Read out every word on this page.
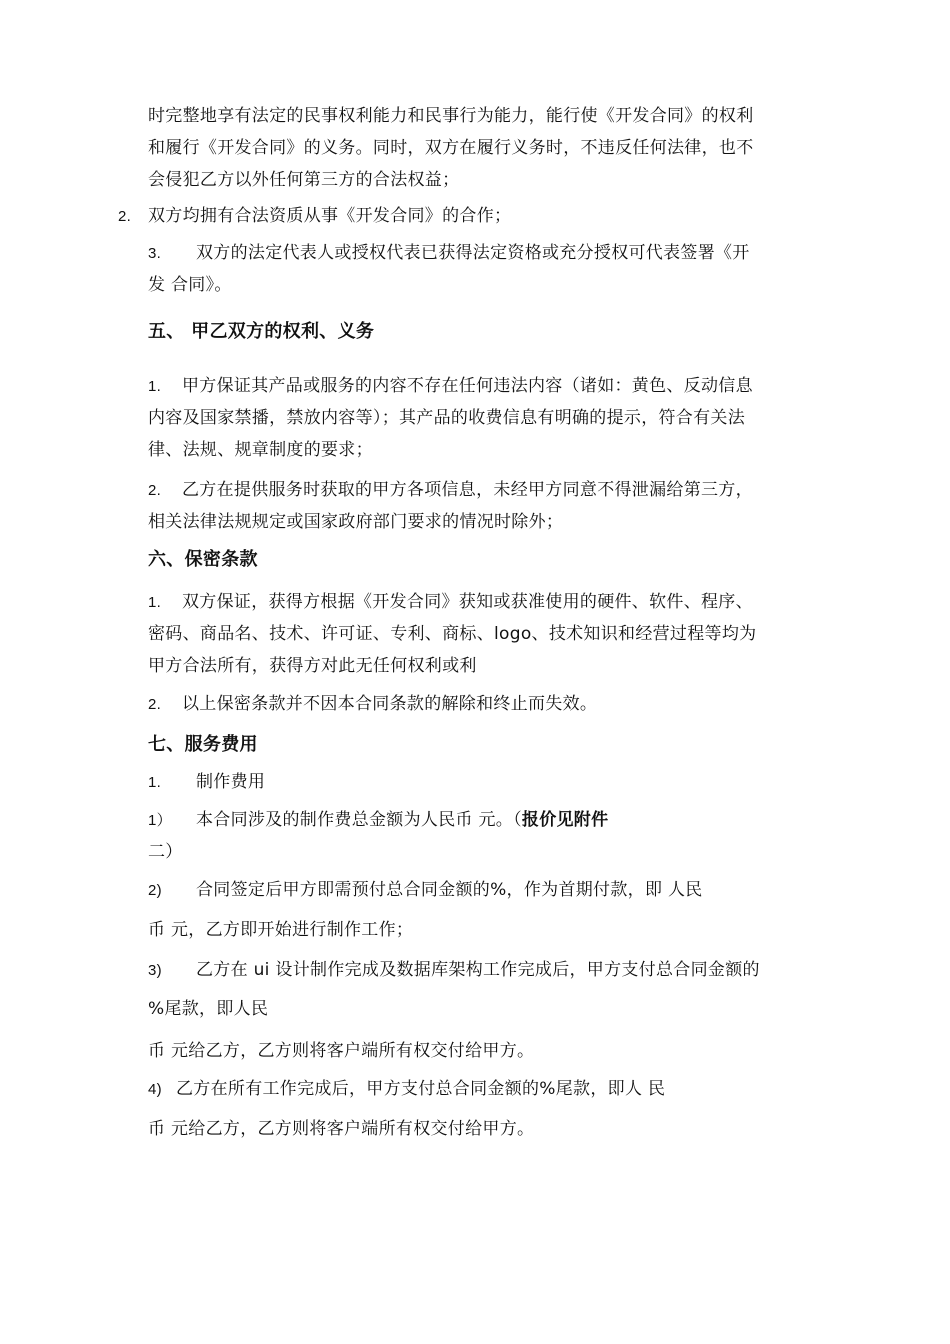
时完整地享有法定的民事权利能力和民事行为能力，能行使《开发合同》的权利
和履行《开发合同》的义务。同时，双方在履行义务时，不违反任何法律，也不
会侵犯乙方以外任何第三方的合法权益；
2. 双方均拥有合法资质从事《开发合同》的合作；
3. 双方的法定代表人或授权代表已获得法定资格或充分授权可代表签署《开
发 合同》。
五、 甲乙双方的权利、义务
1. 甲方保证其产品或服务的内容不存在任何违法内容（诸如：黄色、反动信息
内容及国家禁播，禁放内容等）；其产品的收费信息有明确的提示，符合有关法
律、法规、规章制度的要求；
2. 乙方在提供服务时获取的甲方各项信息，未经甲方同意不得泄漏给第三方，
相关法律法规规定或国家政府部门要求的情况时除外；
六、保密条款
1. 双方保证，获得方根据《开发合同》获知或获准使用的硬件、软件、程序、
密码、商品名、技术、许可证、专利、商标、logo、技术知识和经营过程等均为
甲方合法所有，获得方对此无任何权利或利
2. 以上保密条款并不因本合同条款的解除和终止而失效。
七、服务费用
1. 制作费用
1） 本合同涉及的制作费总金额为人民币 元。（报价见附件
二）
2) 合同签定后甲方即需预付总合同金额的%，作为首期付款，即 人民
币 元，乙方即开始进行制作工作；
3) 乙方在 ui 设计制作完成及数据库架构工作完成后，甲方支付总合同金额的
%尾款，即人民
币 元给乙方，乙方则将客户端所有权交付给甲方。
4) 乙方在所有工作完成后，甲方支付总合同金额的%尾款，即人 民
币 元给乙方，乙方则将客户端所有权交付给甲方。
